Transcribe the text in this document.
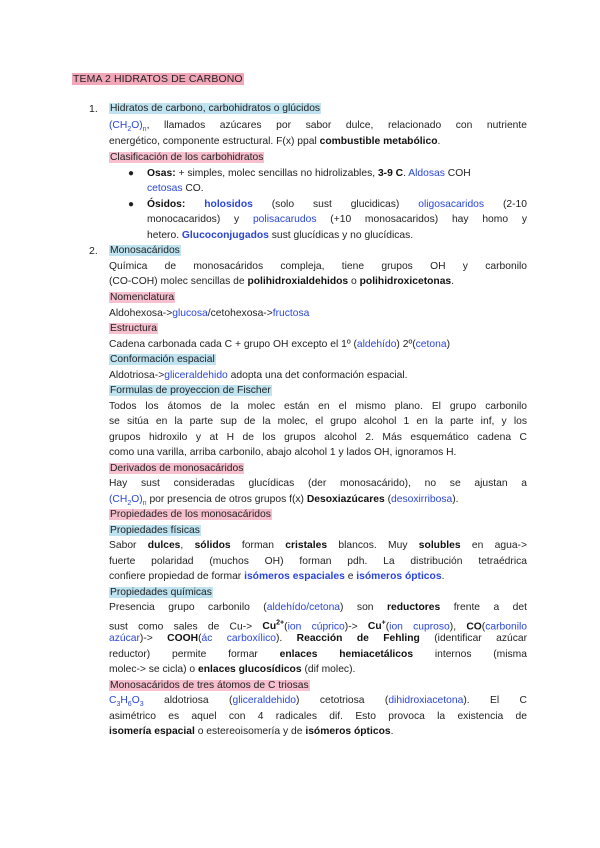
TEMA 2 HIDRATOS DE CARBONO
1. Hidratos de carbono, carbohidratos o glúcidos
$(CH_2O)_n$, llamados azúcares por sabor dulce, relacionado con nutriente
energético, componente estructural. F(x) ppal combustible metabólico.
Clasificación de los carbohidratos
● Osas: + simples, molec sencillas no hidrolizables, 3-9 C. Aldosas COH
cetosas CO.
● Ósidos: holosidos (solo sust glucidicas) oligosacaridos (2-10
monocacaridos) y polisacarudos (+10 monosacaridos) hay homo y
hetero. Glucoconjugados sust glucídicas y no glucídicas.
2. Monosacáridos
Química de monosacáridos compleja, tiene grupos OH y carbonilo
(CO-COH) molec sencillas de polihidroxialdehidos o polihidroxicetonas.
Nomenclatura
Aldohexosa->glucosa/cetohexosa->fructosa
Estructura
Cadena carbonada cada C + grupo OH excepto el 1º (aldehído) 2º(cetona)
Conformación espacial
Aldotriosa->gliceraldehido adopta una det conformación espacial.
Formulas de proyeccion de Fischer
Todos los átomos de la molec están en el mismo plano. El grupo carbonilo
se sitúa en la parte sup de la molec, el grupo alcohol 1 en la parte inf, y los
grupos hidroxilo y at H de los grupos alcohol 2. Más esquemático cadena C
como una varilla, arriba carbonilo, abajo alcohol 1 y lados OH, ignoramos H.
Derivados de monosacáridos
Hay sust consideradas glucídicas (der monosacárido), no se ajustan a
$(CH_2O)_n$ por presencia de otros grupos f(x) Desoxiazúcares (desoxirribosa).
Propiedades de los monosacáridos
Propiedades físicas
Sabor dulces, sólidos forman cristales blancos. Muy solubles en agua->
fuerte polaridad (muchos OH) forman pdh. La distribución tetraédrica
confiere propiedad de formar isómeros espaciales e isómeros ópticos.
Propiedades químicas
Presencia grupo carbonilo (aldehído/cetona) son reductores frente a det
sust como sales de $Cu-> Cu^{2+}(ion$ cúprico)-> Cu+(ion cuproso), CO(carbonilo
azúcar)-> COOH(ác carboxílico). Reacción de Fehling (identificar azúcar
reductor) permite formar enlaces hemiacetálicos internos (misma
molec-> se cicla) o enlaces glucosídicos (dif molec).
Monosacáridos de tres átomos de C triosas
$C_3H_6O_3$ aldotriosa (gliceraldehido) cetotriosa (dihidroxiacetona). El C
asimétrico es aquel con 4 radicales dif. Esto provoca la existencia de
isomería espacial o estereoisomería y de isómeros ópticos.
